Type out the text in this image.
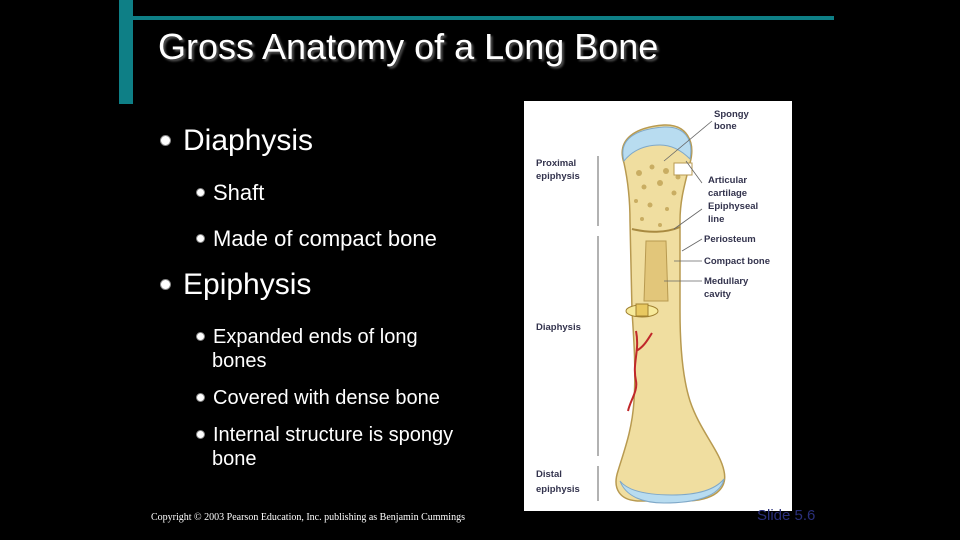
Gross Anatomy of a Long Bone
Diaphysis
Shaft
Made of compact bone
Epiphysis
Expanded ends of long
bones
Covered with dense bone
Internal structure is spongy
bone
Spongy
bone
Proximal
epiphysis	Articular
cartilage
Epiphyseal
line
Periosteum
Compact bone
Medullary
cavity
Diaphysis
Distal
epiphysis
Copyright © 2003 Pearson Education, Inc. publishing as Benjamin Cummings	Slide 5.6
